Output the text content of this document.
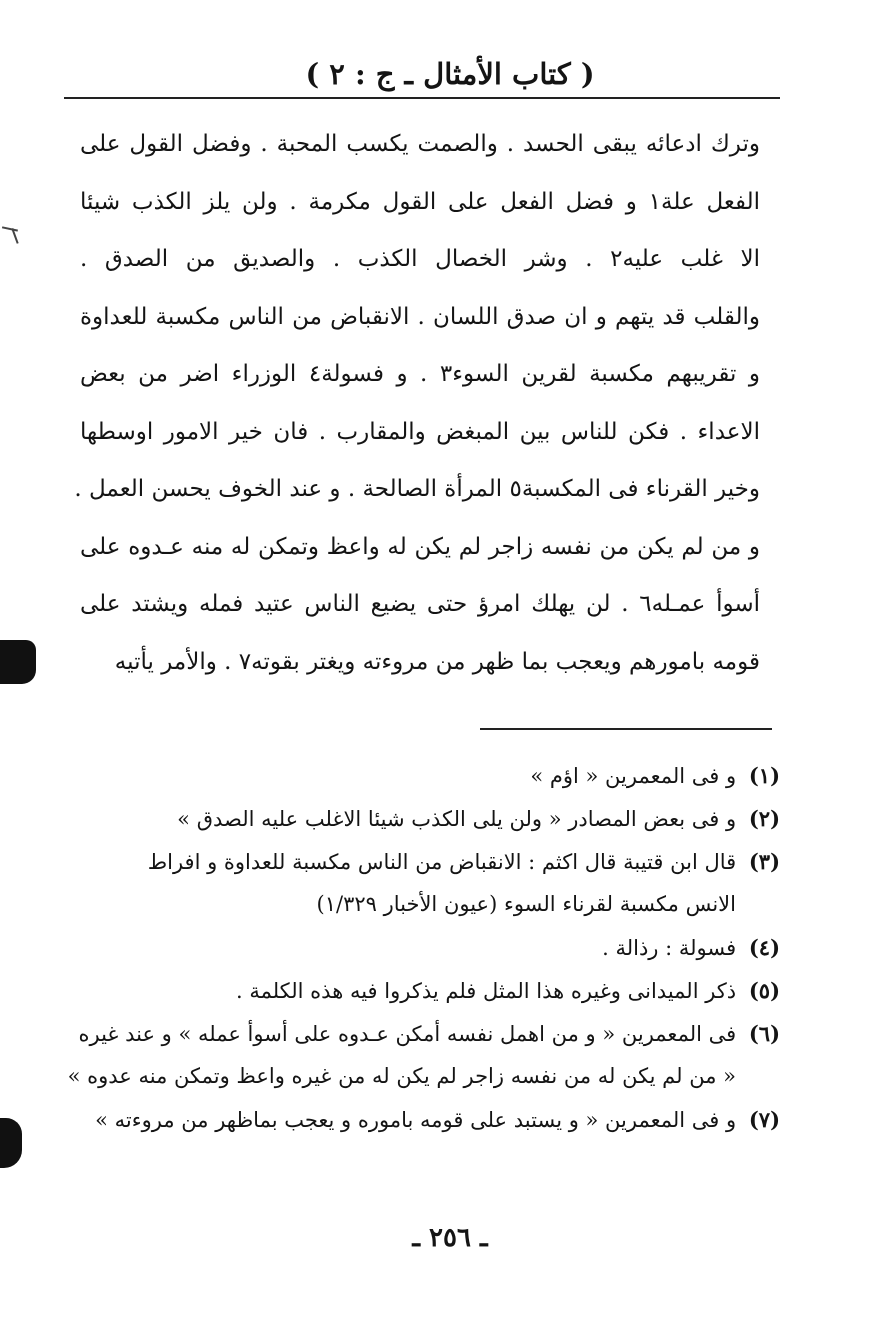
( كتاب الأمثال ـ ج : ٢ )
وترك ادعائه يبقى الحسد . والصمت يكسب المحبة . وفضل القول على
الفعل علة١ و فضل الفعل على القول مكرمة . ولن يلز الكذب شيئا
الا غلب عليه٢ . وشر الخصال الكذب . والصديق من الصدق .
والقلب قد يتهم و ان صدق اللسان . الانقباض من الناس مكسبة للعداوة
و تقريبهم مكسبة لقرين السوء٣ . و فسولة٤ الوزراء اضر من بعض
الاعداء . فكن للناس بين المبغض والمقارب . فان خير الامور اوسطها
وخير القرناء فى المكسبة٥ المرأة الصالحة . و عند الخوف يحسن العمل .
و من لم يكن من نفسه زاجر لم يكن له واعظ وتمكن له منه عـدوه على
أسوأ عمـله٦ . لن يهلك امرؤ حتى يضيع الناس عتيد فمله ويشتد على
قومه بامورهم ويعجب بما ظهر من مروءته ويغتر بقوته٧ . والأمر يأتيه
(١) و فى المعمرين « اؤم »
(٢) و فى بعض المصادر « ولن يلى الكذب شيئا الاغلب عليه الصدق »
(٣) قال ابن قتيبة قال اكثم : الانقباض من الناس مكسبة للعداوة و افراط
الانس مكسبة لقرناء السوء (عيون الأخبار ١/٣٢٩)
(٤) فسولة : رذالة .
(٥) ذكر الميدانى وغيره هذا المثل فلم يذكروا فيه هذه الكلمة .
(٦) فى المعمرين « و من اهمل نفسه أمكن عـدوه على أسوأ عمله » و عند غيره
« من لم يكن له من نفسه زاجر لم يكن له من غيره واعظ وتمكن منه عدوه »
(٧) و فى المعمرين « و يستبد على قومه باموره و يعجب بماظهر من مروءته »
ـ ٢٥٦ ـ
